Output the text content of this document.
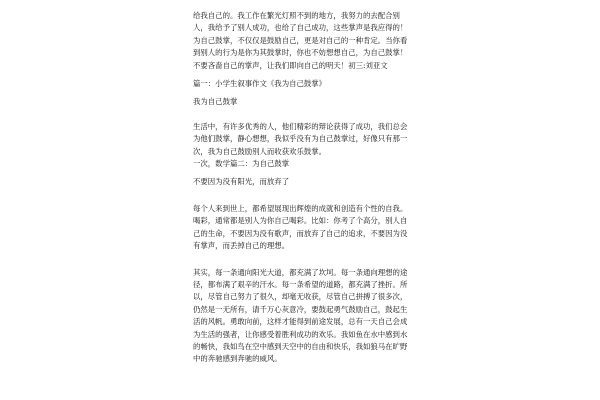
给我自己的。我工作在繁光灯照不到的地方，我努力的去配合别人，我给予了别人成功，也给了自己成功，这些掌声是我应得的！为自己鼓掌，不仅仅是鼓励自己，更是对自己的一种肯定。当你看到别人的行为是你为其鼓掌时，你也不妨想想自己，为自己鼓掌！不要吝啬自己的掌声，让我们即向自己的明天！初三:刘亚文

篇一：小学生叙事作文《我为自己鼓掌》

我为自己鼓掌

生活中，有许多优秀的人，他们精彩的辩论获得了成功，我们总会为他们鼓掌，静心想想，我似乎没有为自己鼓掌过，好像只有那一次，我为自己鼓励别人而收获欢乐鼓掌。

一次，数学篇二：为自己鼓掌

不要因为没有阳光，而放弃了

每个人来到世上，都希望展现出辉煌的成就和创造有个性的自我。喝彩，通常都是别人为你自己喝彩。比如：你考了个高分，别人自己的生命，不要因为没有歌声，而放弃了自己的追求，不要因为没有掌声，而丢掉自己的理想。

其实，每一条通向阳光大道，都充满了坎坷。每一条通向理想的途径，都布满了艰辛的汗水。每一条希望的道路，都充满了挫折。所以，尽管自己努力了很久，却毫无收获，尽管自己拼搏了很多次，仍然是一无所有，请千万心灰意冷，要鼓起勇气鼓励自己，鼓起生活的风帆。勇敢向前，这样才能得到前途发展，总有一天自己会成为生活的强者，让你感受着胜利成功的欢乐。我如鱼在水中感到水的畅快，我如鸟在空中感到天空中的自由和快乐，我如狼马在旷野中的奔驰感到奔驰的威风。
